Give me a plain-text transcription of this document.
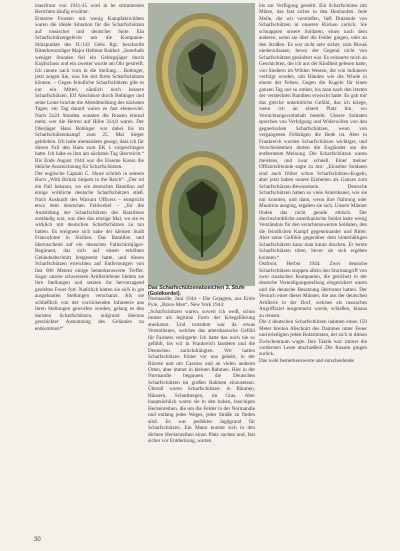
maerfront von 1941-45 wird in he stimmtesten Berichten häufig erwähnt.

Erstarrte Fronten mit wenig Kampfaktivitäten waren die ideale Situation für die Scharfschützen auf russischer und deutscher Seite. Ein Scharfschützengefecht um die Kompanie-Stützpunkte des II./143 Gebs Rgt. beschreibt Ritterkreuzträger Major Hellmut Raithel: „Innerhalb weniger Stunden fiel ein Gebirgsjäger durch Kopfschuss und ein zweiter wurde am Ohr gestreift. Ich rannte nach vorn in die Stellung… Bobinger, jetzt zeigen Sie, was Sie mit Ihren Scharfschützen können. – Gegen feindliche Scharfschützen gibt es nur ein Mittel, nämlich noch bessere Scharfschützen. Elf Abschüsse durch Bobinger und seine Leute brachte die Abendmeldung des nächsten Tages: ein Tag darauf waren es fast ebensoviel. Nach 3x24 Stunden wussten die Russen einmal mehr, wer die Herren auf Höhe 314,8 waren. Der Oberjäger Hans Bobinger war dabei bis im Scharfschützenkampf zum 25. Mal Sieger geblieben. Ich hatte niemandem gesagt, dass ich für diesen Fall den Hans zum EK 1 vorgeschlagen hatte. Ich habe es ihm am nächsten Tag überreicht.“ Bis Ende August 1944 war die Eiserne Kreuz die übliche Auszeichnung für Scharfschützen.

Der englische Captain C. Shore schrieb in seinem Buch „With British Snipers to the Reich“: „Der tol ein Fall bekannt, wo ein deutsches Bataillon auf einige wirkliche deutsche Scharfschützen stieß. Nach Auskunft des Warrant Officers – entspricht etwa dem deutschen Feldwebel – „für die Ausbildung der Scharfschützen des Bataillons zuständig war, war dies das einzige Mal, wo sie es wirklich mit deutschen Scharfschützen zu tun hatten. Es ereignete sich nahe der kleinen Stadt Francofonte in Sizilien. Das Bataillon und überraschend auf ein deutsches Fallschirmjäger-Regiment, das sich auf einem erhöhten Geländeabschnitt festgesetzt hatte, und diesen Scharfschützen erreichten auf Entfernungen von fast 600 Metern einige bemerkenswerte Treffer. Sogar unsere schwereren Artilleriefeuer hielten sie ihre Stellungen und setzten ihr hervorragend gezieltes Feuer fort. Natürlich hatten sie sich in gut ausgebauten Stellungen verschanzt. Als sie schließlich von der vorrückenden Infanterie aus ihren Stellungen geworfen wurden, gelang es den meisten Scharfschützen, aufgrund überaus geschickter Ausnutzung des Geländes zu entkommen!“

Das Scharfschützenabzeichen 3. Stufe (Goldkordel).

Normandie, Juni 1944 – Die Gejagten, aus Ernie Pyle, „Brave Men“, New York 1944:

„Scharfschützen waren, soweit ich weiß, schon immer als legitime Form der Kriegsführung anerkannt. Und trotzdem war da etwas Verstohlenes, welches das amerikanische Gefühl für Fairness verärgerte. Ich hatte das noch nie so gefühlt, bis wir in Frankreich landeten und die Deutschen zurückdrängten. Wir hatten Scharfschützen früher vor uns gehabt, in der Bizerte und um Cassino und an vielen anderen Orten, aber immer in kleinen Rahmen. Hier in der Normandie begannen die Deutschen Scharfschützen im großen Rahmen einzusetzen. Überall waren Scharfschützen: in Bäumen, Häusern, Schuttbergen, im Gras. Aber hauptsächlich waren sie in den hohen, buschigen Heckenreihen, die um die Felder in der Normandie und entlang jedes Weges, jeder Straße zu finden sind. Es war perfekter Jagdgrund für Scharfschützen. Ein Mann konnte sich in den dichten Heckenreihen einen Platz suchen und, fast sicher vor Entdeckung, warten.

bis zur Verfügung gestellt. Ein Scharfschütze mit Mütze, das fast sicher in den Heuhaufen. Jede Meile, die wir vorstießen, ließ Dutzende von Scharfschützen in unseren Rücken zurück. Sie schnappten unsere Soldaten, einen nach dem anderen, wenn sie über die Felder gingen, oder an den Straßen. Es war nicht sehr sicher, zum Biwak niederzulassen, bevor der Gegend nicht von Scharfschützen gesäubert war. Es erinnerte mich an Geschichten, die ich aus der Kindheit gelesen hatte, von Siedlern im Wilden Westen, die von Indianern verfolgt wurden, mit Händen wie die Winde in einem der Felsen. Gegen die Kugeln für einen ganzen Tag nur so umher, bis man nach den letzten der versteckten Banditen erwischt hatte. Es gab mir das gleiche unheimliche Gefühl, das ich kriege, wenn ich an einem Platz bin, wo Vernichtungsvorbehalt besteht. Unsere Soldaten sprechen von Verfolgung und Widerwillen von den gegnerischen Scharfschützen, wenn von vergangenen Feldzügen die Rede ist. Aber in Frankreich wurden Scharfschützen wichtiger, und Verschiedenheit dorten die Engländer um die entfernteste Meinung. Die Scharfschützen waren meistens, und zwar schnell. Einer meiner Offiziersfreunde sagte zu mir: „Einzelne Soldaten sind auch früher schon Scharfschützen-Kugeln, aber jetzt haben unsere Einheiten als Ganzes zum Scharfschützen-Bewusstsein. Deutsche Scharfschützen haben so viele Amerikaner, wie sie nur konnten, und dann, wenn ihre Nahrung oder Munition ausging, ergaben sie sich. Unsere Männer finden das nicht gerade ethisch. Der durchschnittliche amerikanische Soldat hatte wenig Verständnis für den verachtenswerten Soldaten, den die feindlichen Kampf gegeneinander und Ritter. Aber seine Gefühle gegenüber dem hinterhältigen Scharfschützen kann man kaum drucken. Er lernte Scharfschützen töten, bevor sie sich ergeben konnten.“

Ostfront, Herbst 1944: Zwei deutsche Scharfschützen stoppen allein den Sturmangriff von zwei russischen Kompanien, die gesichert in der deutsche Verteidigungsstellung eingesickert waren und die deutsche Besatzung überrannt hatten. Der Versuch einer dieser Männer, die aus der deutschen Artillerie in der Dorf, welches als russisches Angriffsziel ausgemacht wurde, schießen, hinaus zu rennen.

Die 4 deutschen Scharfschützen nahmen einen 150 Meter breiten Abschnitt des Dammes unter Feuer und erledigten jeden Rotarmisten, der sich in diesen Zwischenraum wagte. Ihre Taktik war: immer die vordersten Leute abschießen! Die Russen gingen zurück.

Das wohl bemerkenswerte und entscheidende

30
